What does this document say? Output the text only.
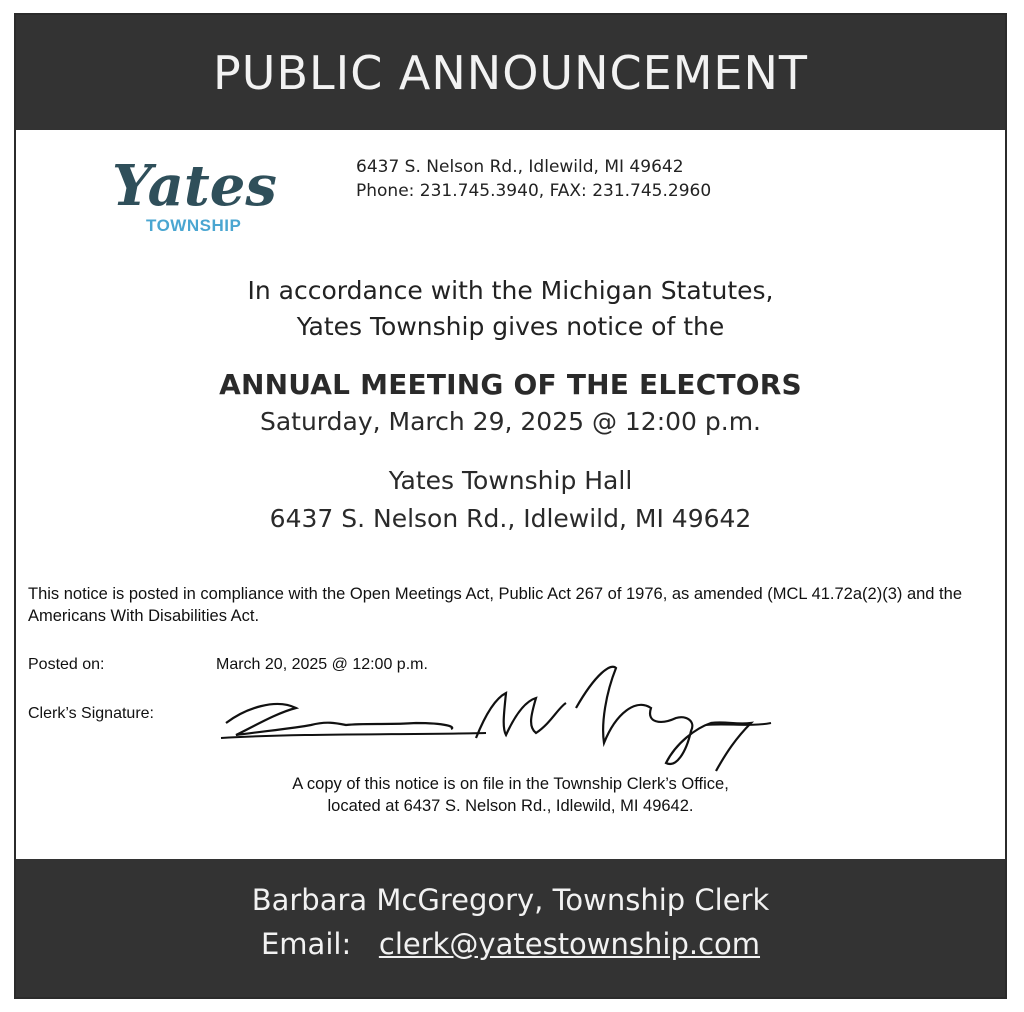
PUBLIC ANNOUNCEMENT
Yates
TOWNSHIP
6437 S. Nelson Rd., Idlewild, MI 49642
Phone: 231.745.3940, FAX: 231.745.2960
In accordance with the Michigan Statutes,
Yates Township gives notice of the
ANNUAL MEETING OF THE ELECTORS
Saturday, March 29, 2025 @ 12:00 p.m.
Yates Township Hall
6437 S. Nelson Rd., Idlewild, MI 49642
This notice is posted in compliance with the Open Meetings Act, Public Act 267 of 1976, as amended (MCL 41.72a(2)(3) and the Americans With Disabilities Act.
Posted on:	March 20, 2025 @ 12:00 p.m.
Clerk’s Signature:
A copy of this notice is on file in the Township Clerk’s Office,
located at 6437 S. Nelson Rd., Idlewild, MI 49642.
Barbara McGregory, Township Clerk
Email:   clerk@yatestownship.com
